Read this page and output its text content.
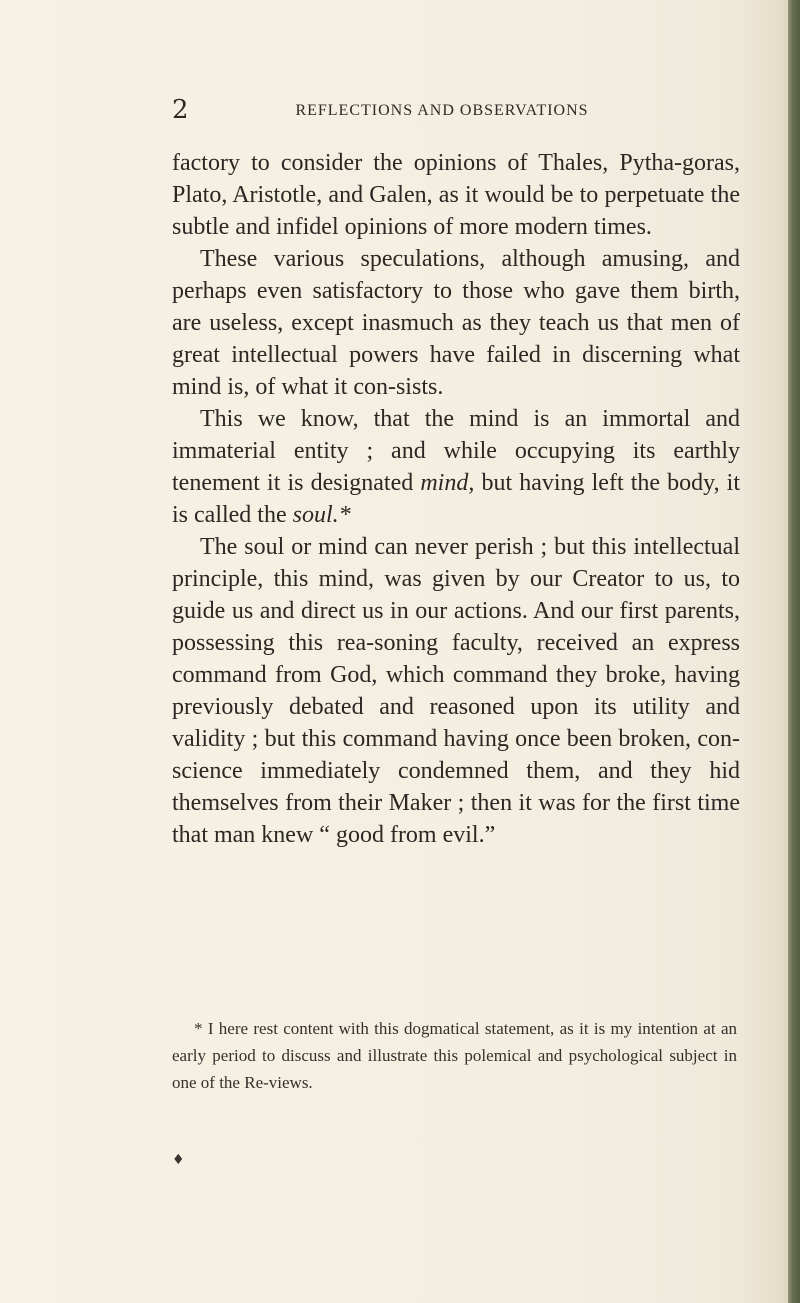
2	REFLECTIONS AND OBSERVATIONS

factory to consider the opinions of Thales, Pytha-goras, Plato, Aristotle, and Galen, as it would be to perpetuate the subtle and infidel opinions of more modern times.

These various speculations, although amusing, and perhaps even satisfactory to those who gave them birth, are useless, except inasmuch as they teach us that men of great intellectual powers have failed in discerning what mind is, of what it con-sists.

This we know, that the mind is an immortal and immaterial entity ; and while occupying its earthly tenement it is designated mind, but having left the body, it is called the soul.*

The soul or mind can never perish ; but this intellectual principle, this mind, was given by our Creator to us, to guide us and direct us in our actions. And our first parents, possessing this rea-soning faculty, received an express command from God, which command they broke, having previously debated and reasoned upon its utility and validity ; but this command having once been broken, con-science immediately condemned them, and they hid themselves from their Maker ; then it was for the first time that man knew “ good from evil.”

* I here rest content with this dogmatical statement, as it is my intention at an early period to discuss and illustrate this polemical and psychological subject in one of the Re-views.

♦
